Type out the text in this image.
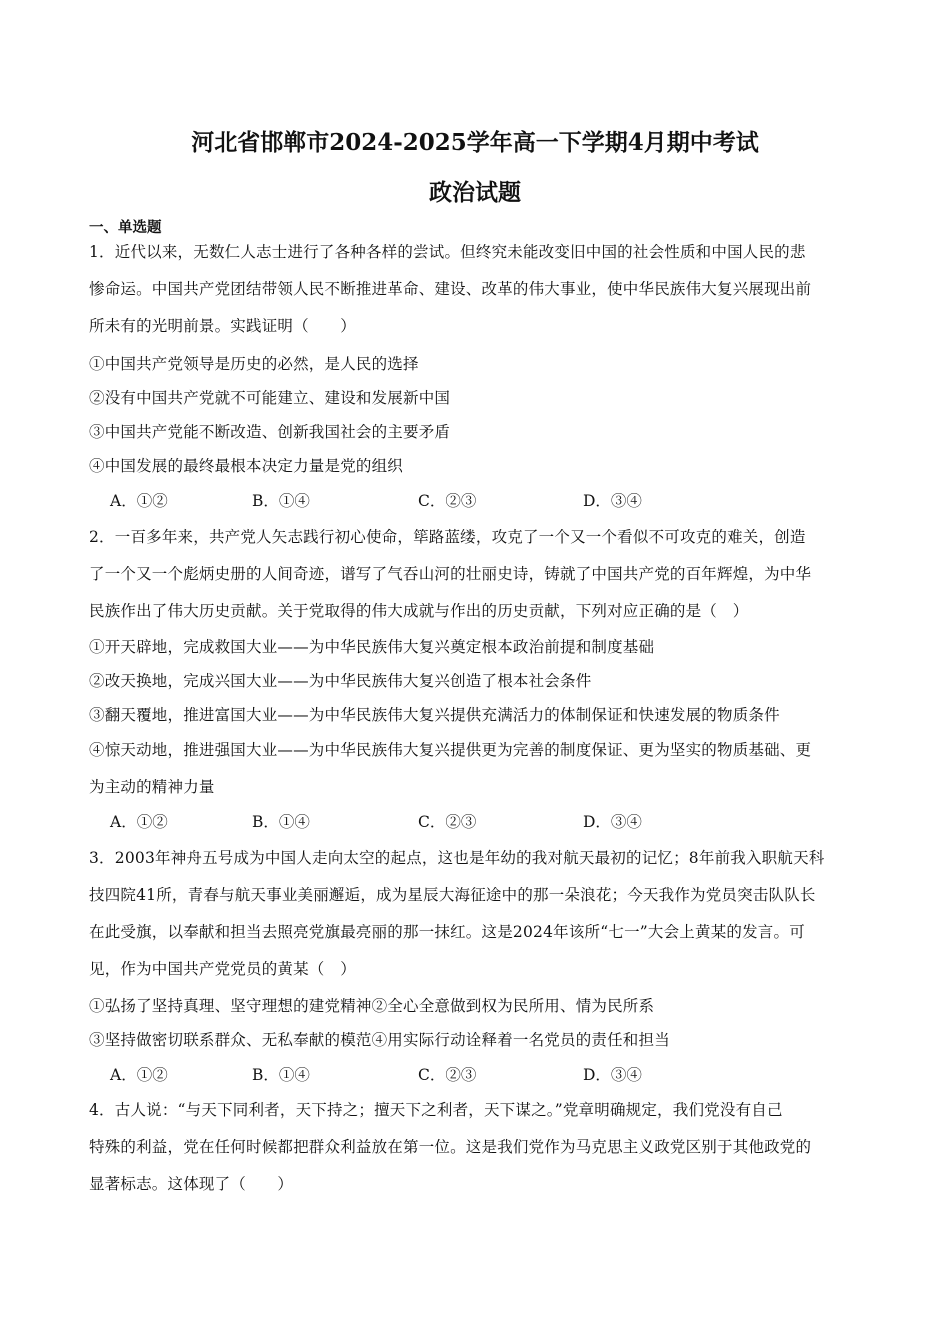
河北省邯郸市2024-2025学年高一下学期4月期中考试
政治试题
一、单选题
1．近代以来，无数仁人志士进行了各种各样的尝试。但终究未能改变旧中国的社会性质和中国人民的悲
惨命运。中国共产党团结带领人民不断推进革命、建设、改革的伟大事业，使中华民族伟大复兴展现出前
所未有的光明前景。实践证明（　　）
①中国共产党领导是历史的必然，是人民的选择
②没有中国共产党就不可能建立、建设和发展新中国
③中国共产党能不断改造、创新我国社会的主要矛盾
④中国发展的最终最根本决定力量是党的组织
A．①②	B．①④	C．②③	D．③④
2．一百多年来，共产党人矢志践行初心使命，筚路蓝缕，攻克了一个又一个看似不可攻克的难关，创造
了一个又一个彪炳史册的人间奇迹，谱写了气吞山河的壮丽史诗，铸就了中国共产党的百年辉煌，为中华
民族作出了伟大历史贡献。关于党取得的伟大成就与作出的历史贡献，下列对应正确的是（　）
①开天辟地，完成救国大业——为中华民族伟大复兴奠定根本政治前提和制度基础
②改天换地，完成兴国大业——为中华民族伟大复兴创造了根本社会条件
③翻天覆地，推进富国大业——为中华民族伟大复兴提供充满活力的体制保证和快速发展的物质条件
④惊天动地，推进强国大业——为中华民族伟大复兴提供更为完善的制度保证、更为坚实的物质基础、更
为主动的精神力量
A．①②	B．①④	C．②③	D．③④
3．2003年神舟五号成为中国人走向太空的起点，这也是年幼的我对航天最初的记忆；8年前我入职航天科
技四院41所，青春与航天事业美丽邂逅，成为星辰大海征途中的那一朵浪花；今天我作为党员突击队队长
在此受旗，以奉献和担当去照亮党旗最亮丽的那一抹红。这是2024年该所“七一”大会上黄某的发言。可
见，作为中国共产党党员的黄某（　）
①弘扬了坚持真理、坚守理想的建党精神②全心全意做到权为民所用、情为民所系
③坚持做密切联系群众、无私奉献的模范④用实际行动诠释着一名党员的责任和担当
A．①②	B．①④	C．②③	D．③④
4．古人说：“与天下同利者，天下持之；擅天下之利者，天下谋之。”党章明确规定，我们党没有自己
特殊的利益，党在任何时候都把群众利益放在第一位。这是我们党作为马克思主义政党区别于其他政党的
显著标志。这体现了（　　）
